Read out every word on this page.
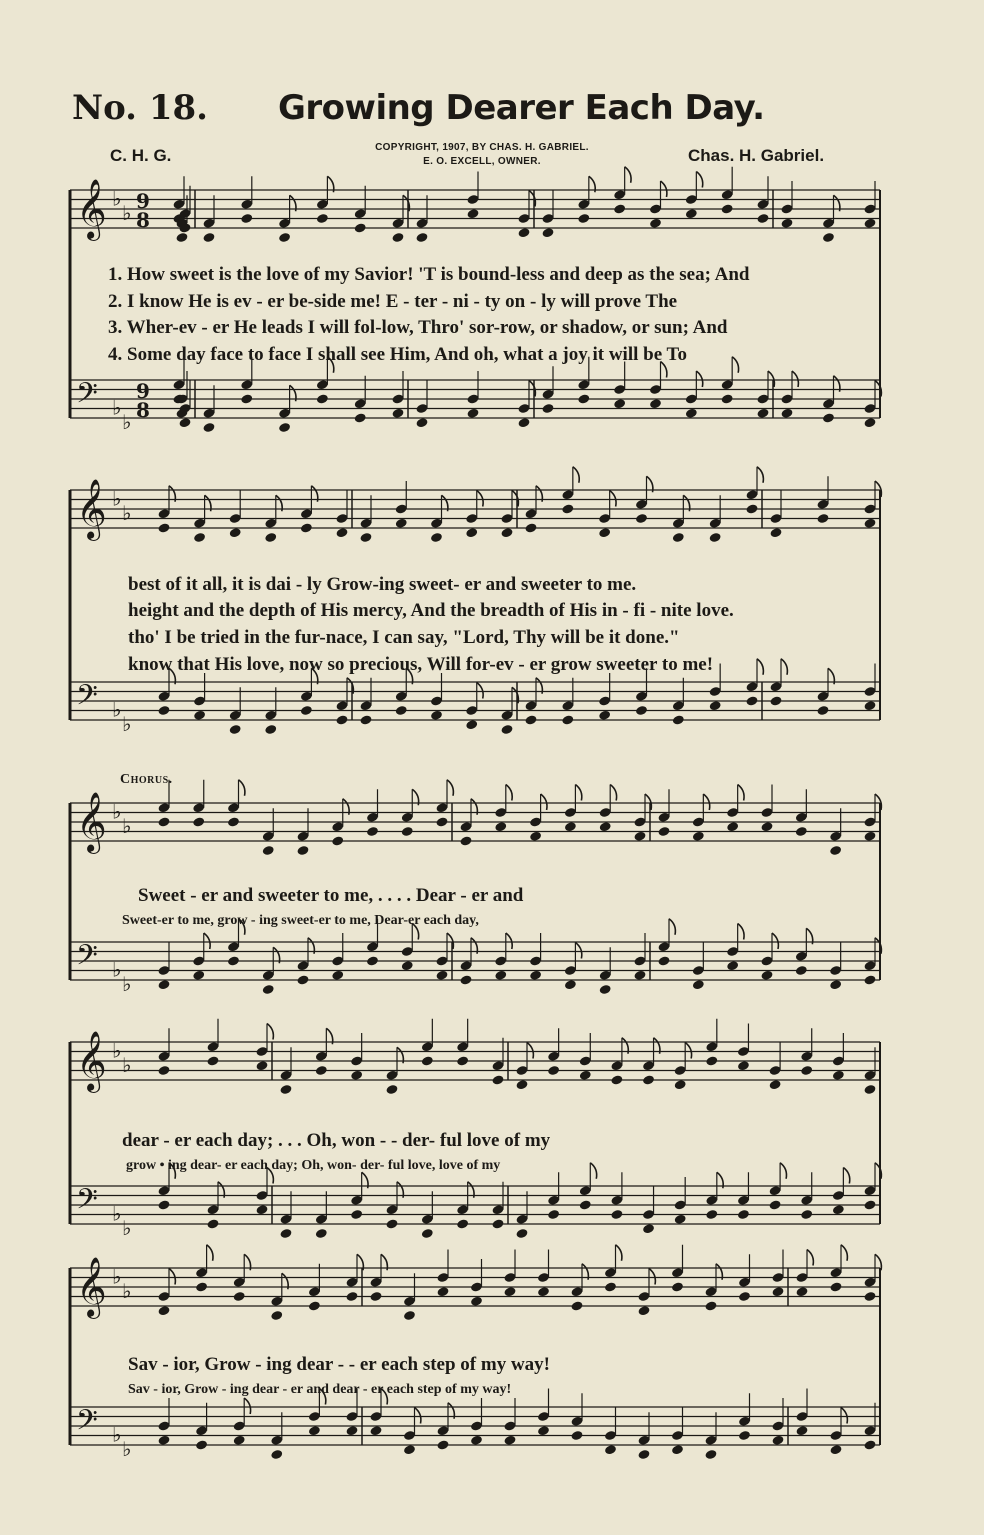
No. 18. Growing Dearer Each Day.
C. H. G.	COPYRIGHT, 1907, BY CHAS. H. GABRIEL.
E. O. EXCELL, OWNER.	Chas. H. Gabriel.
𝄞 ♭
♭ 9
8
𝄢 ♭
♭
9
8
𝄞 ♭
♭
𝄢 ♭
♭
𝄞 ♭
♭
𝄢 ♭
♭
𝄞 ♭
♭
𝄢 ♭
♭
𝄞 ♭
♭
𝄢 ♭
♭
1. How sweet is the love of my Savior! 'T is bound-less and deep as the sea; And
2. I know He is ev - er be-side me! E - ter - ni - ty on - ly will prove The
3. Wher-ev - er He leads I will fol-low, Thro' sor-row, or shadow, or sun; And
4. Some day face to face I shall see Him, And oh, what a joy it will be To
best of it all, it is dai - ly Grow-ing sweet- er and sweeter to me.
height and the depth of His mercy, And the breadth of His in - fi - nite love.
tho' I be tried in the fur-nace, I can say, "Lord, Thy will be it done."
know that His love, now so precious, Will for-ev - er grow sweeter to me!
Chorus.
Sweet - er and sweeter to me, . . . . Dear - er and
Sweet-er to me, grow - ing sweet-er to me, Dear-er each day,
dear - er each day; . . . Oh, won - - der- ful love of my
grow • ing dear- er each day; Oh, won- der- ful love, love of my
Sav - ior, Grow - ing dear - - er each step of my way!
Sav - ior, Grow - ing dear - er and dear - er each step of my way!
